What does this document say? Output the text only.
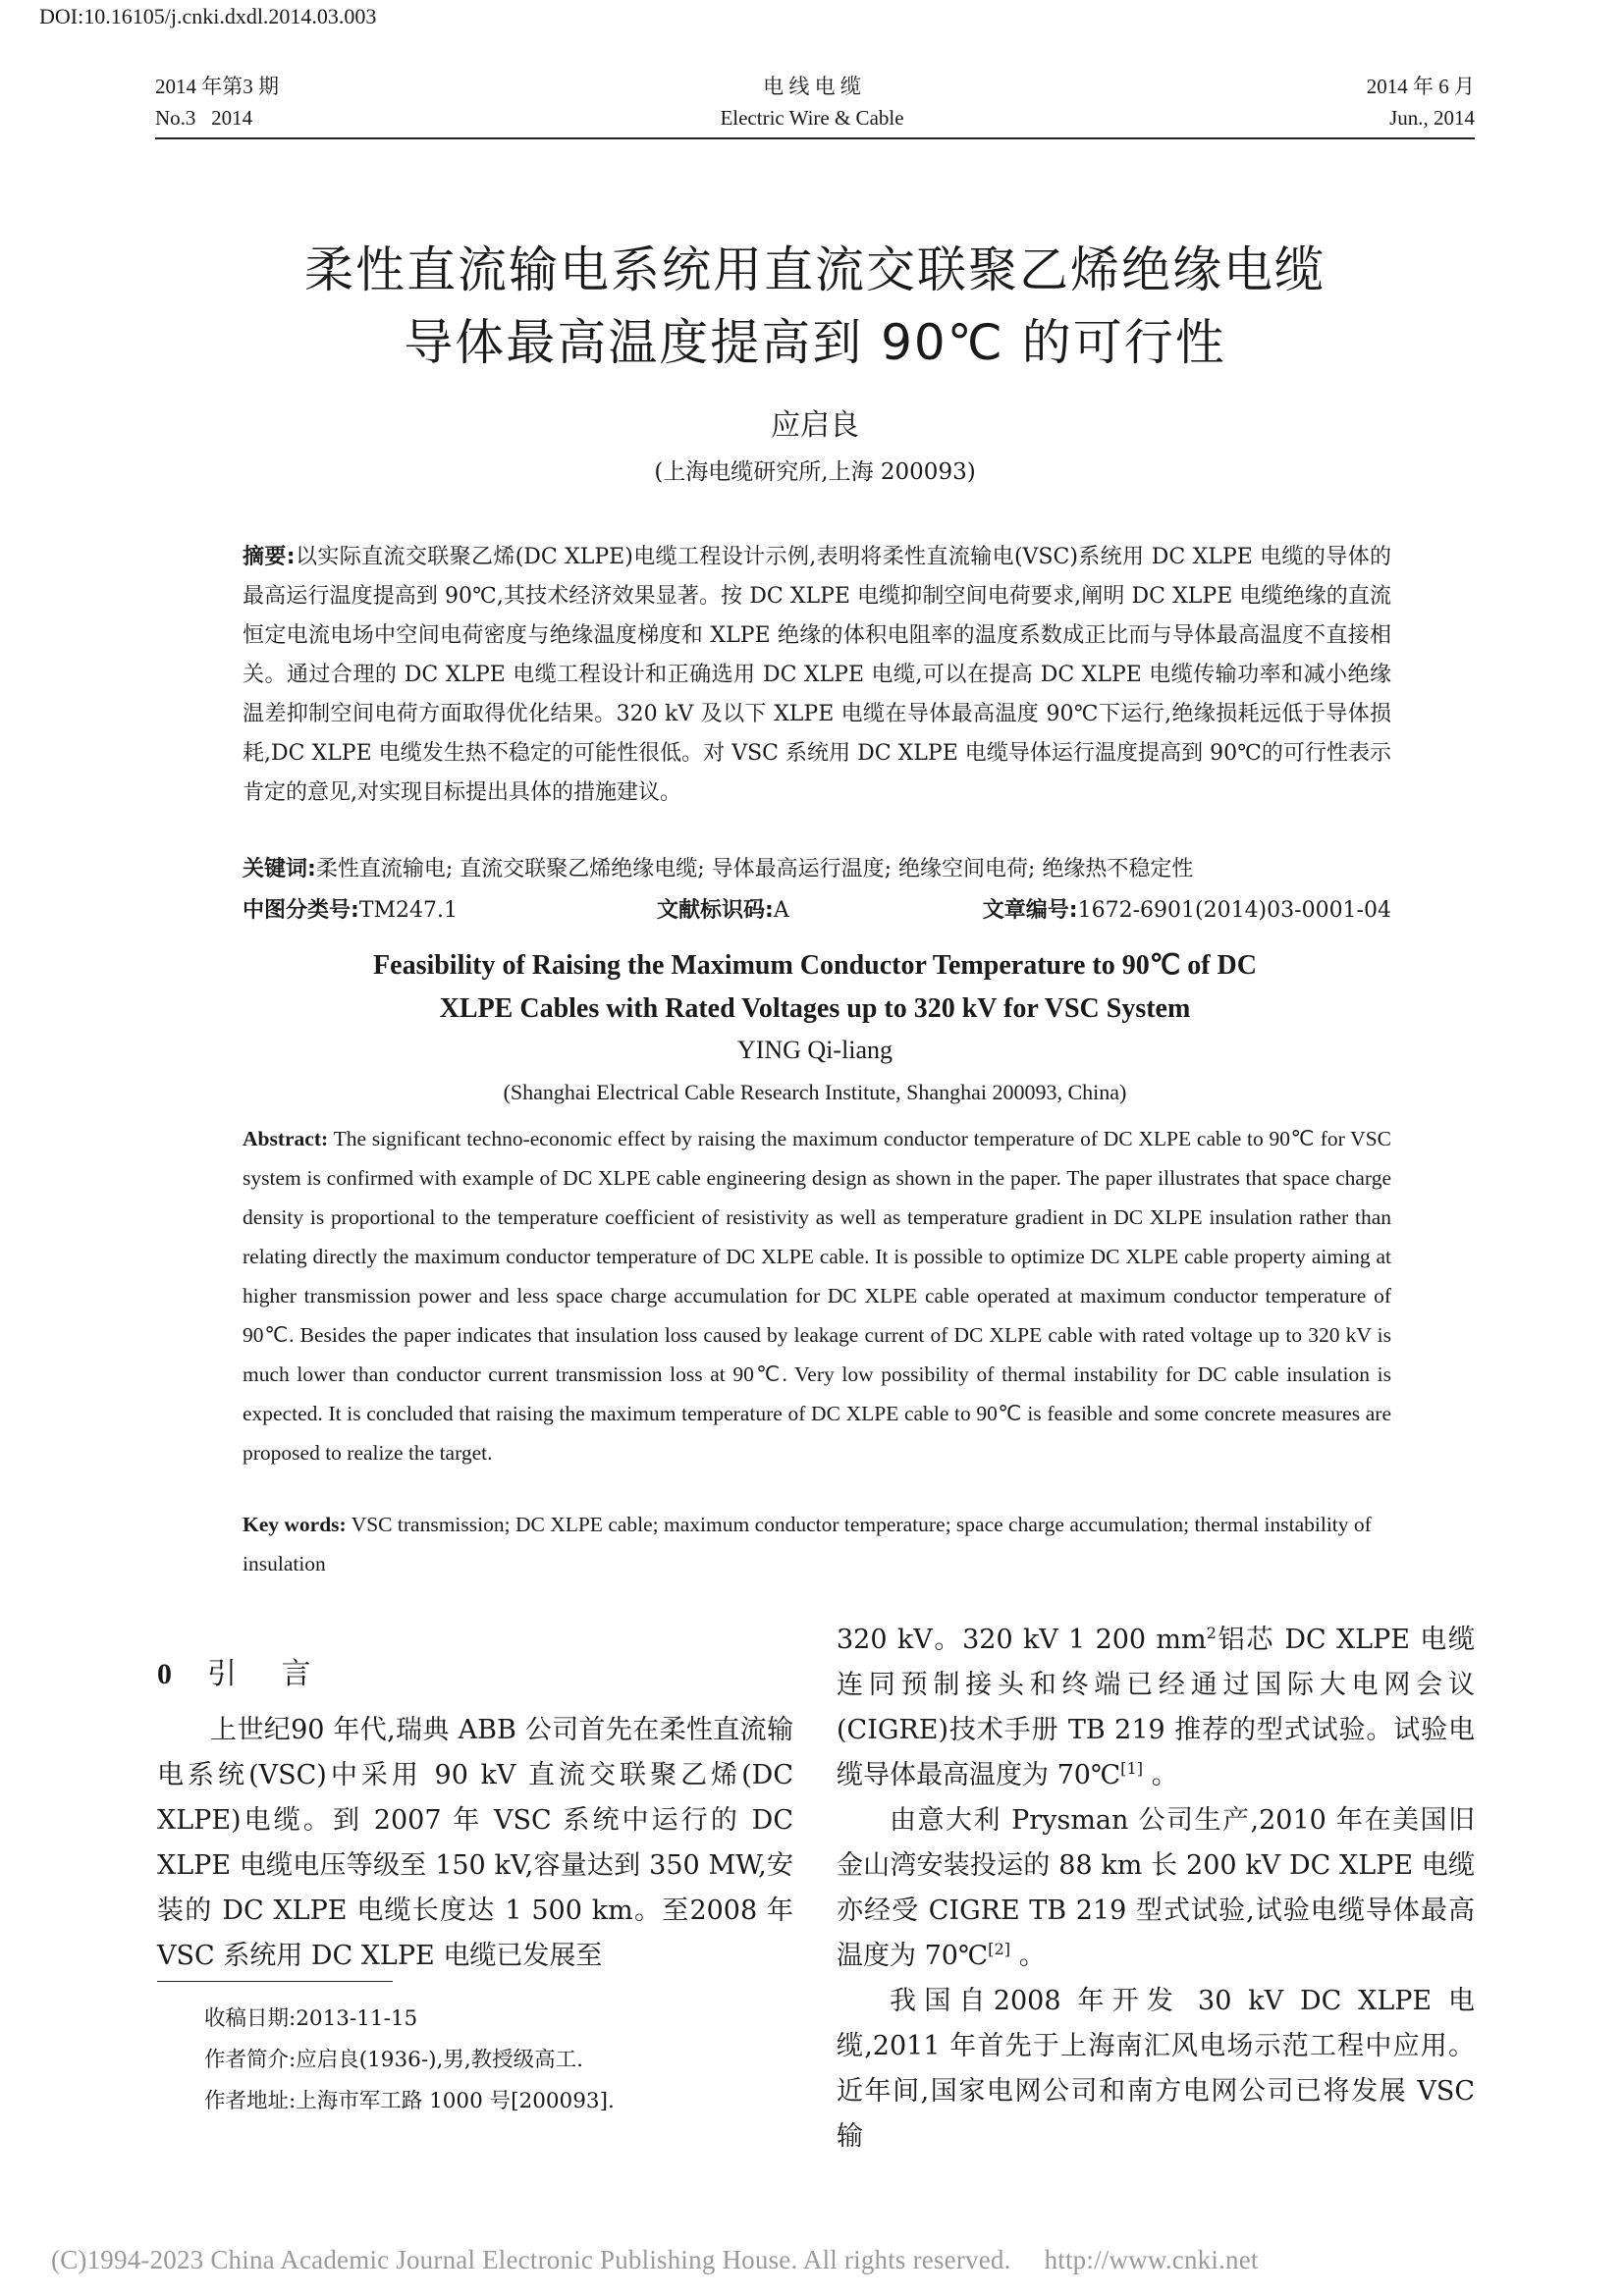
DOI:10.16105/j.cnki.dxdl.2014.03.003
2014 年第3 期
No.3   2014
电 线 电 缆
Electric Wire & Cable
2014 年 6 月
Jun., 2014
柔性直流输电系统用直流交联聚乙烯绝缘电缆
导体最高温度提高到 90℃ 的可行性
应启良
(上海电缆研究所,上海 200093)
摘要:以实际直流交联聚乙烯(DC XLPE)电缆工程设计示例,表明将柔性直流输电(VSC)系统用 DC XLPE 电缆的导体的最高运行温度提高到 90℃,其技术经济效果显著。按 DC XLPE 电缆抑制空间电荷要求,阐明 DC XLPE 电缆绝缘的直流恒定电流电场中空间电荷密度与绝缘温度梯度和 XLPE 绝缘的体积电阻率的温度系数成正比而与导体最高温度不直接相关。通过合理的 DC XLPE 电缆工程设计和正确选用 DC XLPE 电缆,可以在提高 DC XLPE 电缆传输功率和减小绝缘温差抑制空间电荷方面取得优化结果。320 kV 及以下 XLPE 电缆在导体最高温度 90℃下运行,绝缘损耗远低于导体损耗,DC XLPE 电缆发生热不稳定的可能性很低。对 VSC 系统用 DC XLPE 电缆导体运行温度提高到 90℃的可行性表示肯定的意见,对实现目标提出具体的措施建议。
关键词:柔性直流输电; 直流交联聚乙烯绝缘电缆; 导体最高运行温度; 绝缘空间电荷; 绝缘热不稳定性
中图分类号:TM247.1	文献标识码:A	文章编号:1672-6901(2014)03-0001-04
Feasibility of Raising the Maximum Conductor Temperature to 90℃ of DC
XLPE Cables with Rated Voltages up to 320 kV for VSC System
YING Qi-liang
(Shanghai Electrical Cable Research Institute, Shanghai 200093, China)
Abstract: The significant techno-economic effect by raising the maximum conductor temperature of DC XLPE cable to 90℃ for VSC system is confirmed with example of DC XLPE cable engineering design as shown in the paper. The paper illustrates that space charge density is proportional to the temperature coefficient of resistivity as well as temperature gradient in DC XLPE insulation rather than relating directly the maximum conductor temperature of DC XLPE cable. It is possible to optimize DC XLPE cable property aiming at higher transmission power and less space charge accumulation for DC XLPE cable operated at maximum conductor temperature of 90℃. Besides the paper indicates that insulation loss caused by leakage current of DC XLPE cable with rated voltage up to 320 kV is much lower than conductor current transmission loss at 90℃. Very low possibility of thermal instability for DC cable insulation is expected. It is concluded that raising the maximum temperature of DC XLPE cable to 90℃ is feasible and some concrete measures are proposed to realize the target.
Key words: VSC transmission; DC XLPE cable; maximum conductor temperature; space charge accumulation; thermal instability of insulation
0 引 言

上世纪90 年代,瑞典 ABB 公司首先在柔性直流输电系统(VSC)中采用 90 kV 直流交联聚乙烯(DC XLPE)电缆。到 2007 年 VSC 系统中运行的 DC XLPE 电缆电压等级至 150 kV,容量达到 350 MW,安装的 DC XLPE 电缆长度达 1 500 km。至2008 年 VSC 系统用 DC XLPE 电缆已发展至

320 kV。320 kV 1 200 $mm^2$铝芯 DC XLPE 电缆连同预制接头和终端已经通过国际大电网会议(CIGRE)技术手册 TB 219 推荐的型式试验。试验电缆导体最高温度为 70℃[1] 。

由意大利 Prysman 公司生产,2010 年在美国旧金山湾安装投运的 88 km 长 200 kV DC XLPE 电缆亦经受 CIGRE TB 219 型式试验,试验电缆导体最高温度为 70℃[2] 。

我国自2008 年开发 30 kV DC XLPE 电缆,2011 年首先于上海南汇风电场示范工程中应用。近年间,国家电网公司和南方电网公司已将发展 VSC 输

收稿日期:2013-11-15
作者简介:应启良(1936-),男,教授级高工.
作者地址:上海市军工路 1000 号[200093].
(C)1994-2023 China Academic Journal Electronic Publishing House. All rights reserved. http://www.cnki.net
